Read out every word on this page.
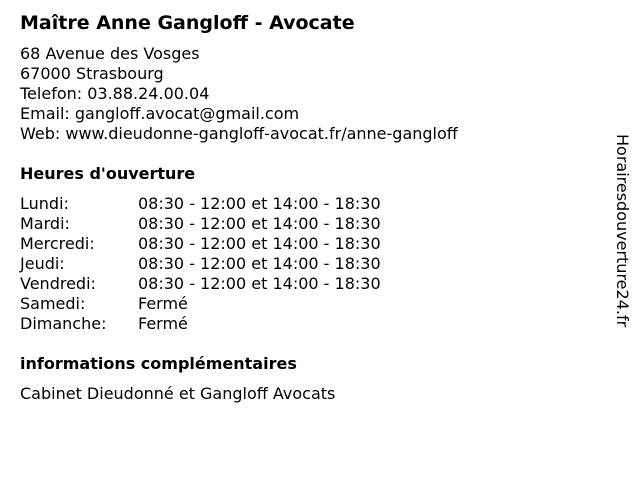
Maître Anne Gangloff - Avocate
68 Avenue des Vosges
67000 Strasbourg
Telefon: 03.88.24.00.04
Email: gangloff.avocat@gmail.com
Web: www.dieudonne-gangloff-avocat.fr/anne-gangloff
Heures d'ouverture
Lundi:	08:30 - 12:00 et 14:00 - 18:30
Mardi:	08:30 - 12:00 et 14:00 - 18:30
Mercredi:	08:30 - 12:00 et 14:00 - 18:30
Jeudi:	08:30 - 12:00 et 14:00 - 18:30
Vendredi:	08:30 - 12:00 et 14:00 - 18:30
Samedi:	Fermé
Dimanche: Fermé
informations complémentaires
Cabinet Dieudonné et Gangloff Avocats
Horairesdouverture24.fr
